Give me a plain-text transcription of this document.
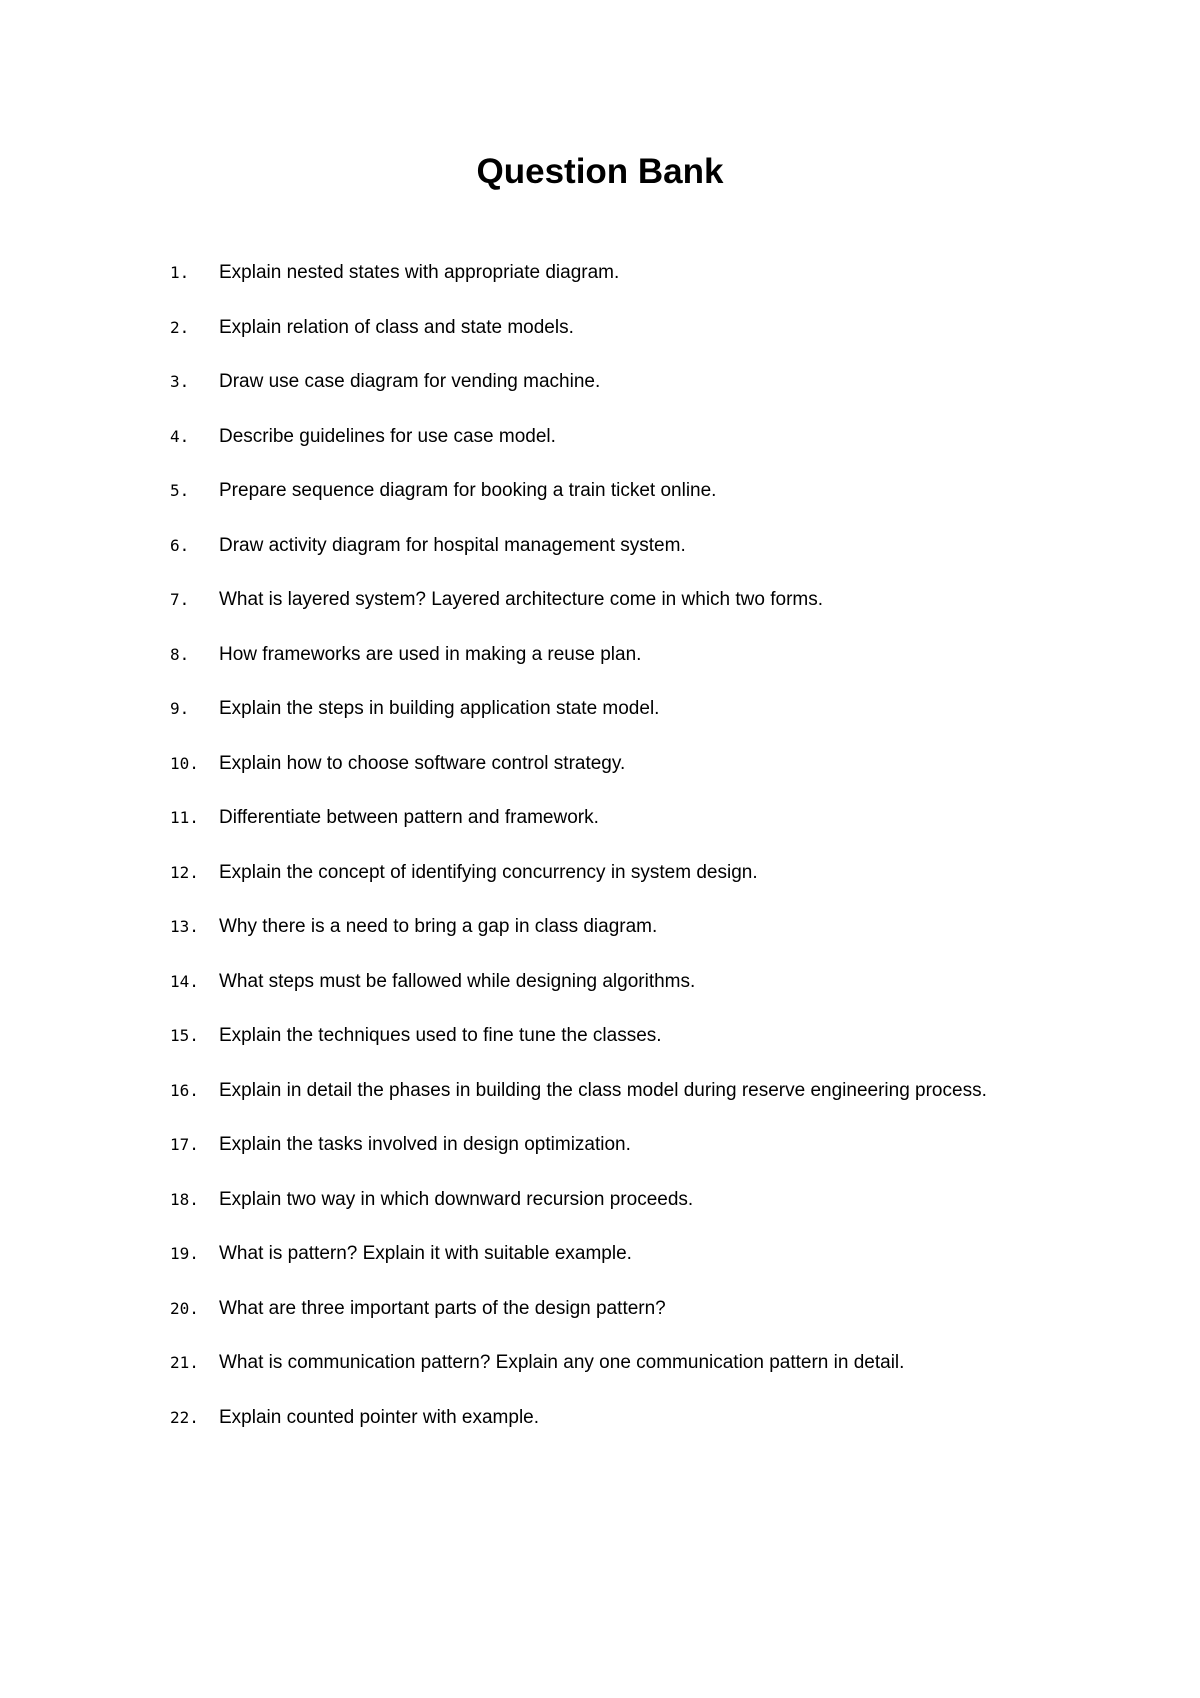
Question Bank
1.	Explain nested states with appropriate diagram.
2.	Explain relation of class and state models.
3.	Draw use case diagram for vending machine.
4.	Describe guidelines for use case model.
5.	Prepare sequence diagram for booking a train ticket online.
6.	Draw activity diagram for hospital management system.
7.	What is layered system? Layered architecture come in which two forms.
8.	How frameworks are used in making a reuse plan.
9.	Explain the steps in building application state model.
10.	Explain how to choose software control strategy.
11.	Differentiate between pattern and framework.
12.	Explain the concept of identifying concurrency in system design.
13.	Why there is a need to bring a gap in class diagram.
14.	What steps must be fallowed while designing algorithms.
15.	Explain the techniques used to fine tune the classes.
16.	Explain in detail the phases in building the class model during reserve engineering process.
17.	Explain the tasks involved in design optimization.
18.	Explain two way in which downward recursion proceeds.
19.	What is pattern? Explain it with suitable example.
20.	What are three important parts of the design pattern?
21.	What is communication pattern? Explain any one communication pattern in detail.
22.	Explain counted pointer with example.
